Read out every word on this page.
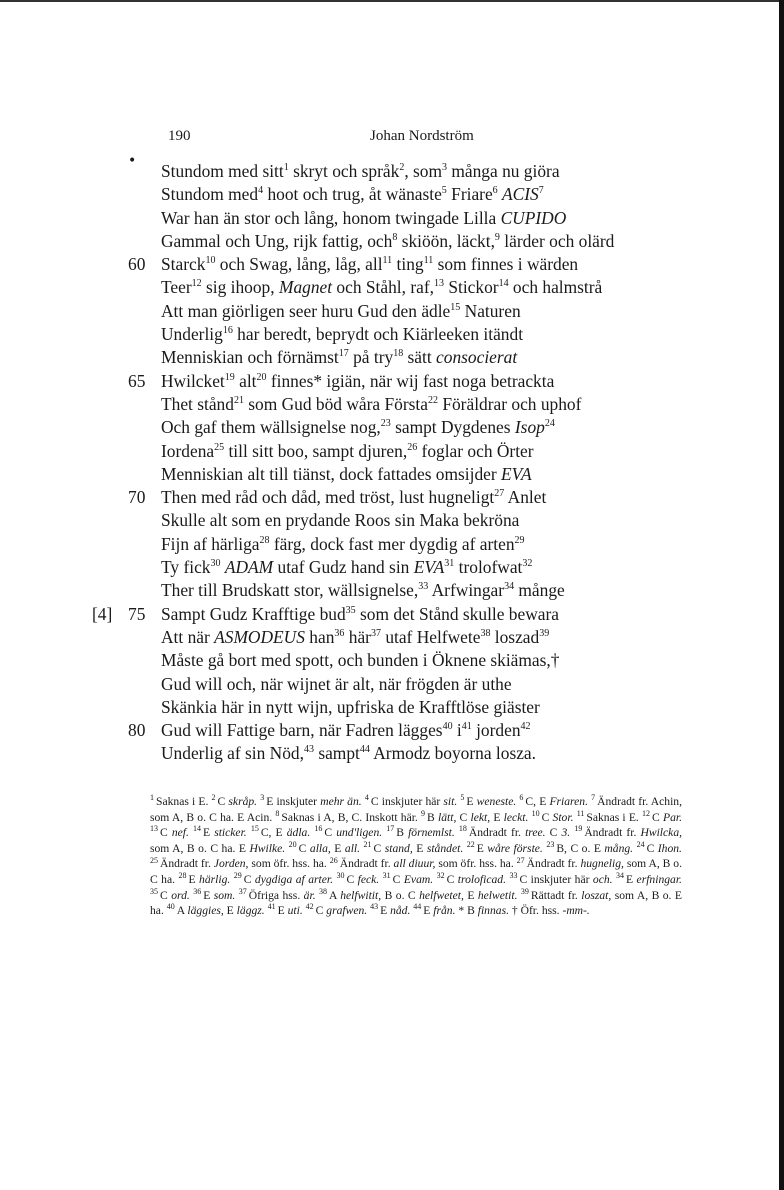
190	Johan Nordström
• Stundom med sitt$^1$ skryt och språk$^2$, som$^3$ många nu giöra
Stundom med$^4$ hoot och trug, åt wänaste$^5$ Friare$^6$ ACIS$^7$
War han än stor och lång, honom twingade Lilla CUPIDO
Gammal och Ung, rijk fattig, och$^8$ skiöön, läckt,$^9$ lärder och olärd
60 Starck$^{10}$ och Swag, lång, låg, all$^{11}$ ting$^{11}$ som finnes i wärden
Teer$^{12}$ sig ihoop, Magnet och Ståhl, raf,$^{13}$ Stickor$^{14}$ och halmstrå
Att man giörligen seer huru Gud den ädle$^{15}$ Naturen
Underlig$^{16}$ har beredt, beprydt och Kiärleeken itändt
Menniskian och förnämst$^{17}$ på try$^{18}$ sätt consocierat
65 Hwilcket$^{19}$ alt$^{20}$ finnes* igiän, när wij fast noga betrackta
Thet stånd$^{21}$ som Gud böd wåra Första$^{22}$ Föräldrar och uphof
Och gaf them wällsignelse nog,$^{23}$ sampt Dygdenes Isop$^{24}$
Iordena$^{25}$ till sitt boo, sampt djuren,$^{26}$ foglar och Örter
Menniskian alt till tiänst, dock fattades omsijder EVA
70 Then med råd och dåd, med tröst, lust hugneligt$^{27}$ Anlet
Skulle alt som en prydande Roos sin Maka bekröna
Fijn af härliga$^{28}$ färg, dock fast mer dygdig af arten$^{29}$
Ty fick$^{30}$ ADAM utaf Gudz hand sin EVA$^{31}$ trolofwat$^{32}$
Ther till Brudskatt stor, wällsignelse,$^{33}$ Arfwingar$^{34}$ månge
[4] 75 Sampt Gudz Krafftige bud$^{35}$ som det Stånd skulle bewara
Att när ASMODEUS han$^{36}$ här$^{37}$ utaf Helfwete$^{38}$ loszad$^{39}$
Måste gå bort med spott, och bunden i Öknene skiämas,†
Gud will och, när wijnet är alt, när frögden är uthe
Skänkia här in nytt wijn, upfriska de Krafftlöse giäster
80 Gud will Fattige barn, när Fadren lägges$^{40}$ $i^{41}$ jorden$^{42}$
Underlig af sin Nöd,$^{43}$ sampt$^{44}$ Armodz boyorna losza.
$^1$ Saknas i E. $^2$ C skråp. $^3$ E inskjuter mehr än. $^4$ C inskjuter här sit. $^5$ E weneste. $^6$ C, E Friaren. $^7$ Ändradt fr. Achin, som A, B o. C ha. E Acin. $^8$ Saknas i A, B, C. Inskott här. $^9$ B lätt, C lekt, E leckt. $^{10}$ C Stor. $^{11}$ Saknas i E. $^{12}$ C Par. $^{13}$ C nef. $^{14}$ E sticker. $^{15}$ C, E ädla. $^{16}$ C und'ligen. $^{17}$ B förnemlst. $^{18}$ Ändradt fr. tree. C 3. $^{19}$ Ändradt fr. Hwilcka, som A, B o. C ha. E Hwilke. $^{20}$ C alla, E all. $^{21}$ C stand, E ståndet. $^{22}$ E wåre förste. $^{23}$ B, C o. E mång. $^{24}$ C Ihon. $^{25}$ Ändradt fr. Jorden, som öfr. hss. ha. $^{26}$ Ändradt fr. all diuur, som öfr. hss. ha. $^{27}$ Ändradt fr. hugnelig, som A, B o. C ha. $^{28}$ E härlig. $^{29}$ C dygdiga af arter. $^{30}$ C feck. $^{31}$ C Evam. $^{32}$ C troloficad. $^{33}$ C inskjuter här och. $^{34}$ E erfningar. $^{35}$ C ord. $^{36}$ E som. $^{37}$ Öfriga hss. är. $^{38}$ A helfwitit, B o. C helfwetet, E helwetit. $^{39}$ Rättadt fr. loszat, som A, B o. E ha. $^{40}$ A läggies, E läggz. $^{41}$ E uti. $^{42}$ C grafwen. $^{43}$ E nåd. $^{44}$ E från. * B finnas. † Öfr. hss. -mm-.
